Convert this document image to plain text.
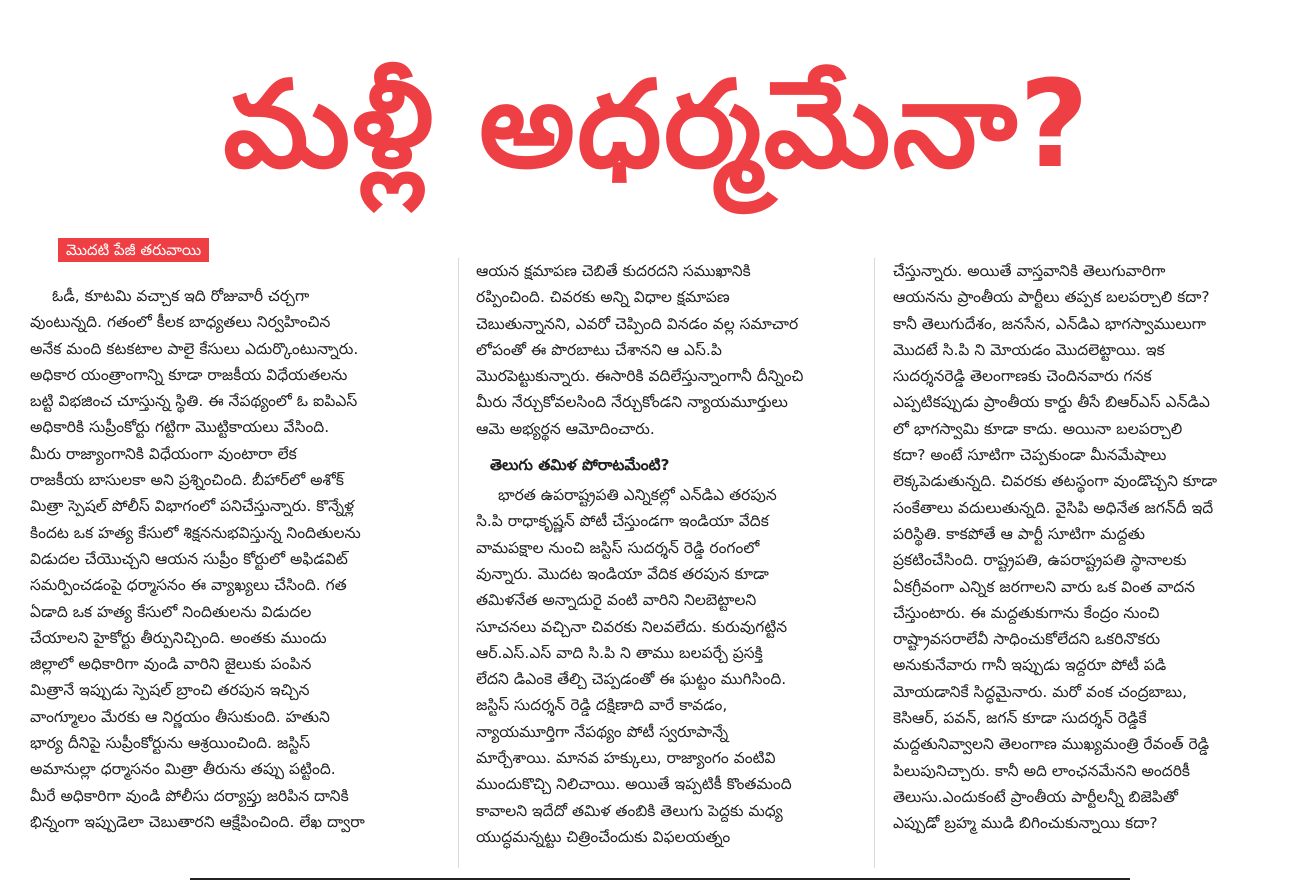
మళ్లీ అధర్మమేనా?
మొదటి పేజీ తరువాయి
ఓడీ, కూటమి వచ్చాక ఇది రోజువారీ చర్చగా
వుంటున్నది. గతంలో కీలక బాధ్యతలు నిర్వహించిన
అనేక మంది కటకటాల పాలై కేసులు ఎదుర్కొంటున్నారు.
అధికార యంత్రాంగాన్ని కూడా రాజకీయ విధేయతలను
బట్టి విభజించ చూస్తున్న స్థితి. ఈ నేపథ్యంలో ఓ ఐపిఎస్
అధికారికి సుప్రీంకోర్టు గట్టిగా మొట్టికాయలు వేసింది.
మీరు రాజ్యాంగానికి విధేయంగా వుంటారా లేక
రాజకీయ బాసులకా అని ప్రశ్నించింది. బీహార్‌లో అశోక్
మిత్రా స్పెషల్ పోలీస్ విభాగంలో పనిచేస్తున్నారు. కొన్నేళ్ల
కిందట ఒక హత్య కేసులో శిక్షననుభవిస్తున్న నిందితులను
విడుదల చేయొచ్చని ఆయన సుప్రీం కోర్టులో అఫిడవిట్
సమర్పించడంపై ధర్మాసనం ఈ వ్యాఖ్యలు చేసింది. గత
ఏడాది ఒక హత్య కేసులో నిందితులను విడుదల
చేయాలని హైకోర్టు తీర్పునిచ్చింది. అంతకు ముందు
జిల్లాలో అధికారిగా వుండి వారిని జైలుకు పంపిన
మిత్రానే ఇప్పుడు స్పెషల్ బ్రాంచి తరపున ఇచ్చిన
వాంగ్మూలం మేరకు ఆ నిర్ణయం తీసుకుంది. హతుని
భార్య దీనిపై సుప్రీంకోర్టును ఆశ్రయించింది. జస్టిస్
అమానుల్లా ధర్మాసనం మిత్రా తీరును తప్పు పట్టింది.
మీరే అధికారిగా వుండి పోలీసు దర్యాప్తు జరిపిన దానికి
భిన్నంగా ఇప్పుడెలా చెబుతారని ఆక్షేపించింది. లేఖ ద్వారా
ఆయన క్షమాపణ చెబితే కుదరదని సముఖానికి
రప్పించింది. చివరకు అన్ని విధాల క్షమాపణ
చెబుతున్నానని, ఎవరో చెప్పింది వినడం వల్ల సమాచార
లోపంతో ఈ పొరబాటు చేశానని ఆ ఎస్.పి
మొరపెట్టుకున్నారు. ఈసారికి వదిలేస్తున్నాంగానీ దీన్నించి
మీరు నేర్చుకోవలసింది నేర్చుకోండని న్యాయమూర్తులు
ఆమె అభ్యర్థన ఆమోదించారు.
తెలుగు తమిళ పోరాటమేంటి?
భారత ఉపరాష్ట్రపతి ఎన్నికల్లో ఎన్‌డిఎ తరపున
సి.పి రాధాకృష్ణన్ పోటీ చేస్తుండగా ఇండియా వేదిక
వామపక్షాల నుంచి జస్టిస్ సుదర్శన్ రెడ్డి రంగంలో
వున్నారు. మొదట ఇండియా వేదిక తరపున కూడా
తమిళనేత అన్నాదురై వంటి వారిని నిలబెట్టాలని
సూచనలు వచ్చినా చివరకు నిలవలేదు. కురువుగట్టిన
ఆర్.ఎస్.ఎస్ వాది సి.పి ని తాము బలపర్చే ప్రసక్తి
లేదని డిఎంకె తేల్చి చెప్పడంతో ఈ ఘట్టం ముగిసింది.
జస్టిస్ సుదర్శన్ రెడ్డి దక్షిణాది వారే కావడం,
న్యాయమూర్తిగా నేపథ్యం పోటీ స్వరూపాన్నే
మార్చేశాయి. మానవ హక్కులు, రాజ్యాంగం వంటివి
ముందుకొచ్చి నిలిచాయి. అయితే ఇప్పటికీ కొంతమంది
కావాలని ఇదేదో తమిళ తంబికి తెలుగు పెద్దకు మధ్య
యుద్ధమన్నట్టు చిత్రించేందుకు విఫలయత్నం
చేస్తున్నారు. అయితే వాస్తవానికి తెలుగువారిగా
ఆయనను ప్రాంతీయ పార్టీలు తప్పక బలపర్చాలి కదా?
కానీ తెలుగుదేశం, జనసేన, ఎన్‌డిఎ భాగస్వాములుగా
మొదటే సి.పి ని మోయడం మొదలెట్టాయి. ఇక
సుదర్శనరెడ్డి తెలంగాణకు చెందినవారు గనక
ఎప్పటికప్పుడు ప్రాంతీయ కార్డు తీసే బిఆర్ఎస్ ఎన్‌డిఎ
లో భాగస్వామి కూడా కాదు. అయినా బలపర్చాలి
కదా? అంటే సూటిగా చెప్పకుండా మీనమేషాలు
లెక్కపెడుతున్నది. చివరకు తటస్థంగా వుండొచ్చని కూడా
సంకేతాలు వదులుతున్నది. వైసిపి అధినేత జగన్‌దీ ఇదే
పరిస్థితి. కాకపోతే ఆ పార్టీ సూటిగా మద్దతు
ప్రకటించేసింది. రాష్ట్రపతి, ఉపరాష్ట్రపతి స్థానాలకు
ఏకగ్రీవంగా ఎన్నిక జరగాలని వారు ఒక వింత వాదన
చేస్తుంటారు. ఈ మద్దతుకుగాను కేంద్రం నుంచి
రాష్ట్రావసరాలేవీ సాధించుకోలేదని ఒకరినొకరు
అనుకునేవారు గానీ ఇప్పుడు ఇద్దరూ పోటీ పడి
మోయడానికే సిద్ధమైనారు. మరో వంక చంద్రబాబు,
కెసిఆర్, పవన్, జగన్ కూడా సుదర్శన్ రెడ్డికే
మద్దతునివ్వాలని తెలంగాణ ముఖ్యమంత్రి రేవంత్ రెడ్డి
పిలుపునిచ్చారు. కానీ అది లాంఛనమేనని అందరికీ
తెలుసు.ఎందుకంటే ప్రాంతీయ పార్టీలన్నీ బిజెపితో
ఎప్పుడో బ్రహ్మ ముడి బిగించుకున్నాయి కదా?
